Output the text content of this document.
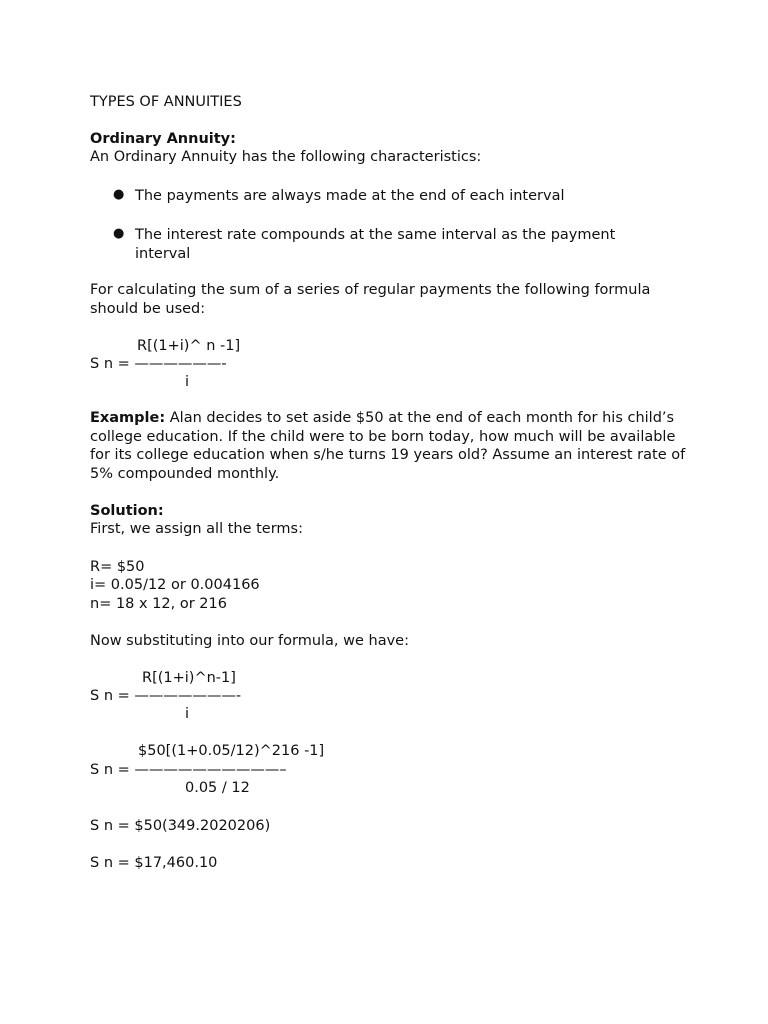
TYPES OF ANNUITIES

Ordinary Annuity:

An Ordinary Annuity has the following characteristics:

● The payments are always made at the end of each interval
● The interest rate compounds at the same interval as the payment interval
For calculating the sum of a series of regular payments the following formula should be used:

R[(1+i)^ n -1]

S n = ——————-

i

Example: Alan decides to set aside $50 at the end of each month for his child’s college education. If the child were to be born today, how much will be available for its college education when s/he turns 19 years old? Assume an interest rate of 5% compounded monthly.

Solution:

First, we assign all the terms:

R= $50

i= 0.05/12 or 0.004166

n= 18 x 12, or 216

Now substituting into our formula, we have:

R[(1+i)^n-1]

S n = ———————-

i

$50[(1+0.05/12)^216 -1]

S n = ——————————–

0.05 / 12

S n = $50(349.2020206)

S n = $17,460.10
